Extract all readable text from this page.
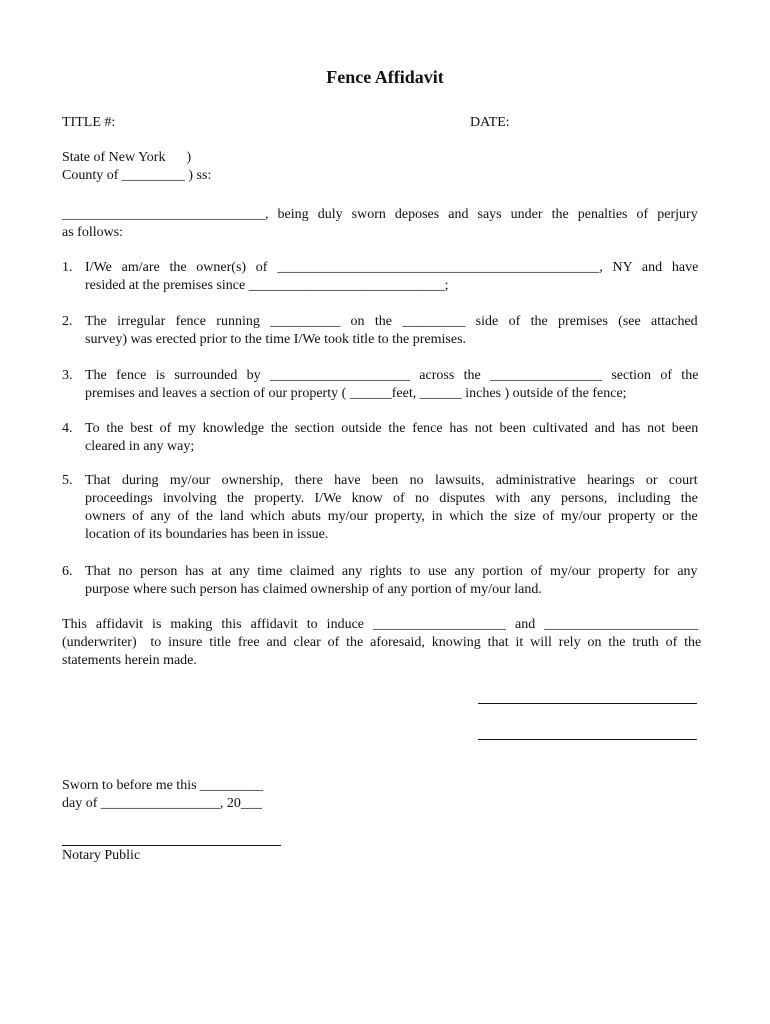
Fence Affidavit
TITLE #:	DATE:
State of New York      )
County of _________ ) ss:
_____________________________, being duly sworn deposes and says under the penalties of perjury
as follows:
1. I/We am/are the owner(s) of ______________________________________________, NY and have
resided at the premises since ____________________________;
2. The irregular fence running __________ on the _________ side of the premises (see attached
survey) was erected prior to the time I/We took title to the premises.
3. The fence is surrounded by ____________________ across the ________________ section of the
premises and leaves a section of our property ( ______feet, ______ inches ) outside of the fence;
4. To the best of my knowledge the section outside the fence has not been cultivated and has not been
cleared in any way;
5. That during my/our ownership, there have been no lawsuits, administrative hearings or court
proceedings involving the property. I/We know of no disputes with any persons, including the
owners of any of the land which abuts my/our property, in which the size of my/our property or the
location of its boundaries has been in issue.
6. That no person has at any time claimed any rights to use any portion of my/our property for any
purpose where such person has claimed ownership of any portion of my/our land.
This affidavit is making this affidavit to induce ___________________ and ______________________
(underwriter)  to insure title free and clear of the aforesaid, knowing that it will rely on the truth of the
statements herein made.
Sworn to before me this _________
day of _________________, 20___
Notary Public
